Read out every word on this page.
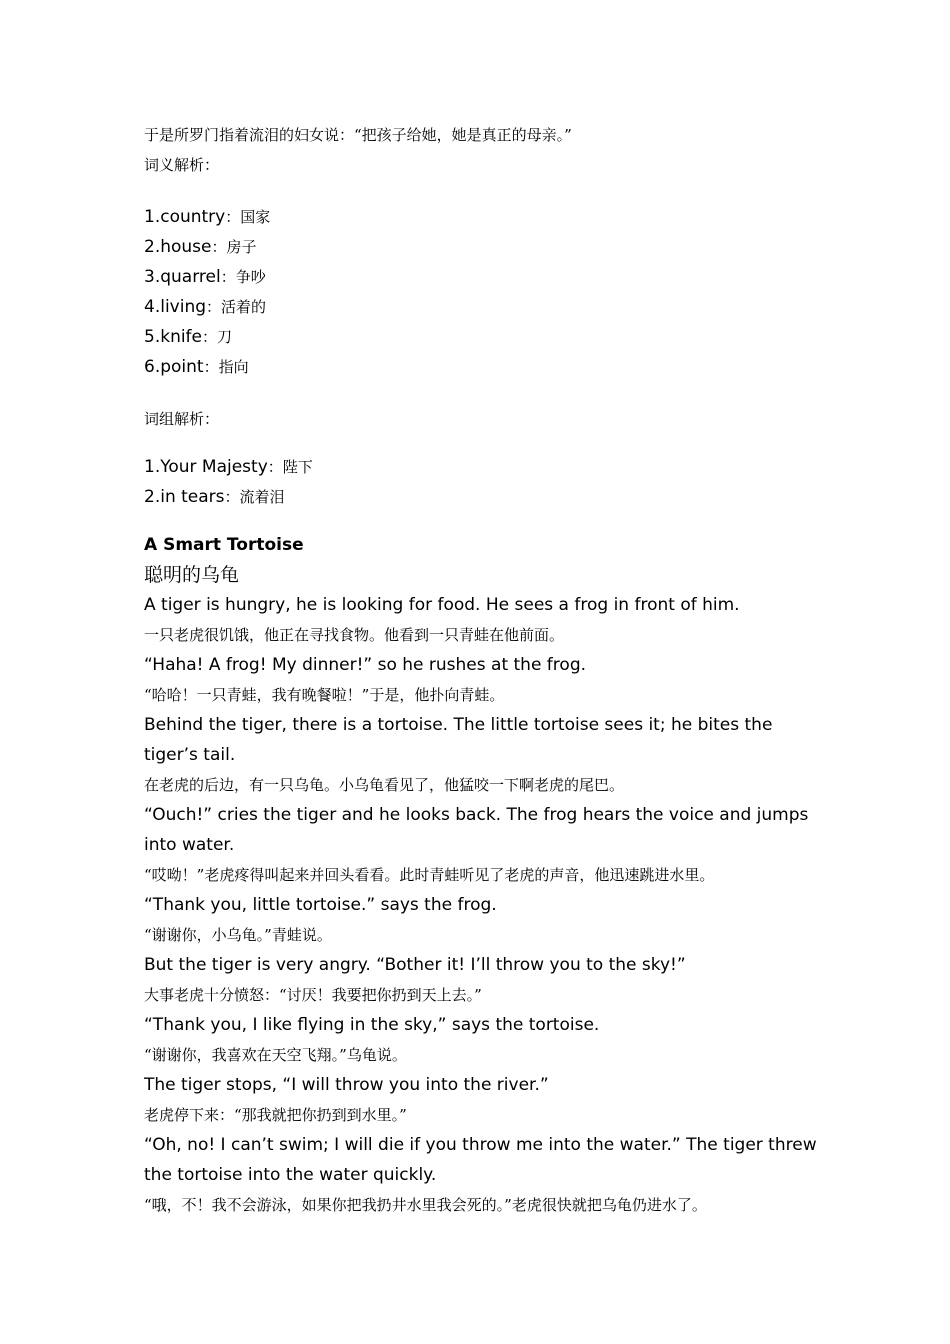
于是所罗门指着流泪的妇女说：“把孩子给她，她是真正的母亲。”
词义解析：
1.country：国家
2.house：房子
3.quarrel：争吵
4.living：活着的
5.knife：刀
6.point：指向
词组解析：
1.Your Majesty：陛下
2.in tears：流着泪
A Smart Tortoise
聪明的乌龟
A tiger is hungry, he is looking for food. He sees a frog in front of him.
一只老虎很饥饿，他正在寻找食物。他看到一只青蛙在他前面。
“Haha! A frog! My dinner!” so he rushes at the frog.
“哈哈！一只青蛙，我有晚餐啦！”于是，他扑向青蛙。
Behind the tiger, there is a tortoise. The little tortoise sees it; he bites the tiger’s tail.
在老虎的后边，有一只乌龟。小乌龟看见了，他猛咬一下啊老虎的尾巴。
“Ouch!” cries the tiger and he looks back. The frog hears the voice and jumps into water.
“哎呦！”老虎疼得叫起来并回头看看。此时青蛙听见了老虎的声音，他迅速跳进水里。
“Thank you, little tortoise.” says the frog.
“谢谢你，小乌龟。”青蛙说。
But the tiger is very angry. “Bother it! I’ll throw you to the sky!”
大事老虎十分愤怒：“讨厌！我要把你扔到天上去。”
“Thank you, I like flying in the sky,” says the tortoise.
“谢谢你，我喜欢在天空飞翔。”乌龟说。
The tiger stops, “I will throw you into the river.”
老虎停下来：“那我就把你扔到到水里。”
“Oh, no! I can’t swim; I will die if you throw me into the water.” The tiger threw the tortoise into the water quickly.
“哦，不！我不会游泳，如果你把我扔井水里我会死的。”老虎很快就把乌龟仍进水了。
